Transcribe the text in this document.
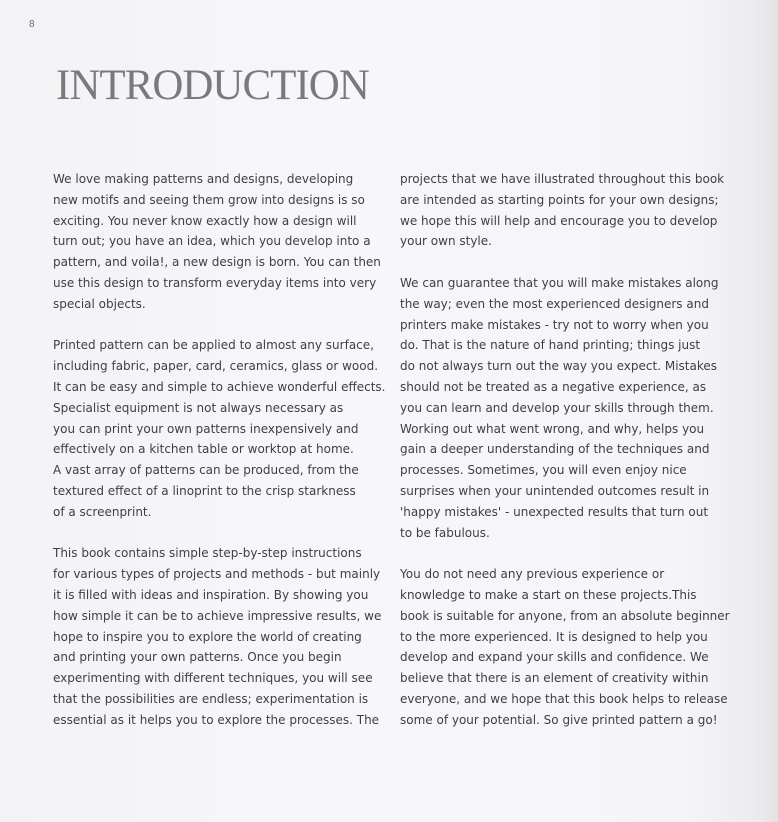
8
INTRODUCTION

We love making patterns and designs, developing
new motifs and seeing them grow into designs is so
exciting. You never know exactly how a design will
turn out; you have an idea, which you develop into a
pattern, and voila!, a new design is born. You can then
use this design to transform everyday items into very
special objects.

Printed pattern can be applied to almost any surface,
including fabric, paper, card, ceramics, glass or wood.
It can be easy and simple to achieve wonderful effects.
Specialist equipment is not always necessary as
you can print your own patterns inexpensively and
effectively on a kitchen table or worktop at home.
A vast array of patterns can be produced, from the
textured effect of a linoprint to the crisp starkness
of a screenprint.

This book contains simple step-by-step instructions
for various types of projects and methods - but mainly
it is filled with ideas and inspiration. By showing you
how simple it can be to achieve impressive results, we
hope to inspire you to explore the world of creating
and printing your own patterns. Once you begin
experimenting with different techniques, you will see
that the possibilities are endless; experimentation is
essential as it helps you to explore the processes. The

projects that we have illustrated throughout this book
are intended as starting points for your own designs;
we hope this will help and encourage you to develop
your own style.

We can guarantee that you will make mistakes along
the way; even the most experienced designers and
printers make mistakes - try not to worry when you
do. That is the nature of hand printing; things just
do not always turn out the way you expect. Mistakes
should not be treated as a negative experience, as
you can learn and develop your skills through them.
Working out what went wrong, and why, helps you
gain a deeper understanding of the techniques and
processes. Sometimes, you will even enjoy nice
surprises when your unintended outcomes result in
'happy mistakes' - unexpected results that turn out
to be fabulous.

You do not need any previous experience or
knowledge to make a start on these projects.This
book is suitable for anyone, from an absolute beginner
to the more experienced. It is designed to help you
develop and expand your skills and confidence. We
believe that there is an element of creativity within
everyone, and we hope that this book helps to release
some of your potential. So give printed pattern a go!
